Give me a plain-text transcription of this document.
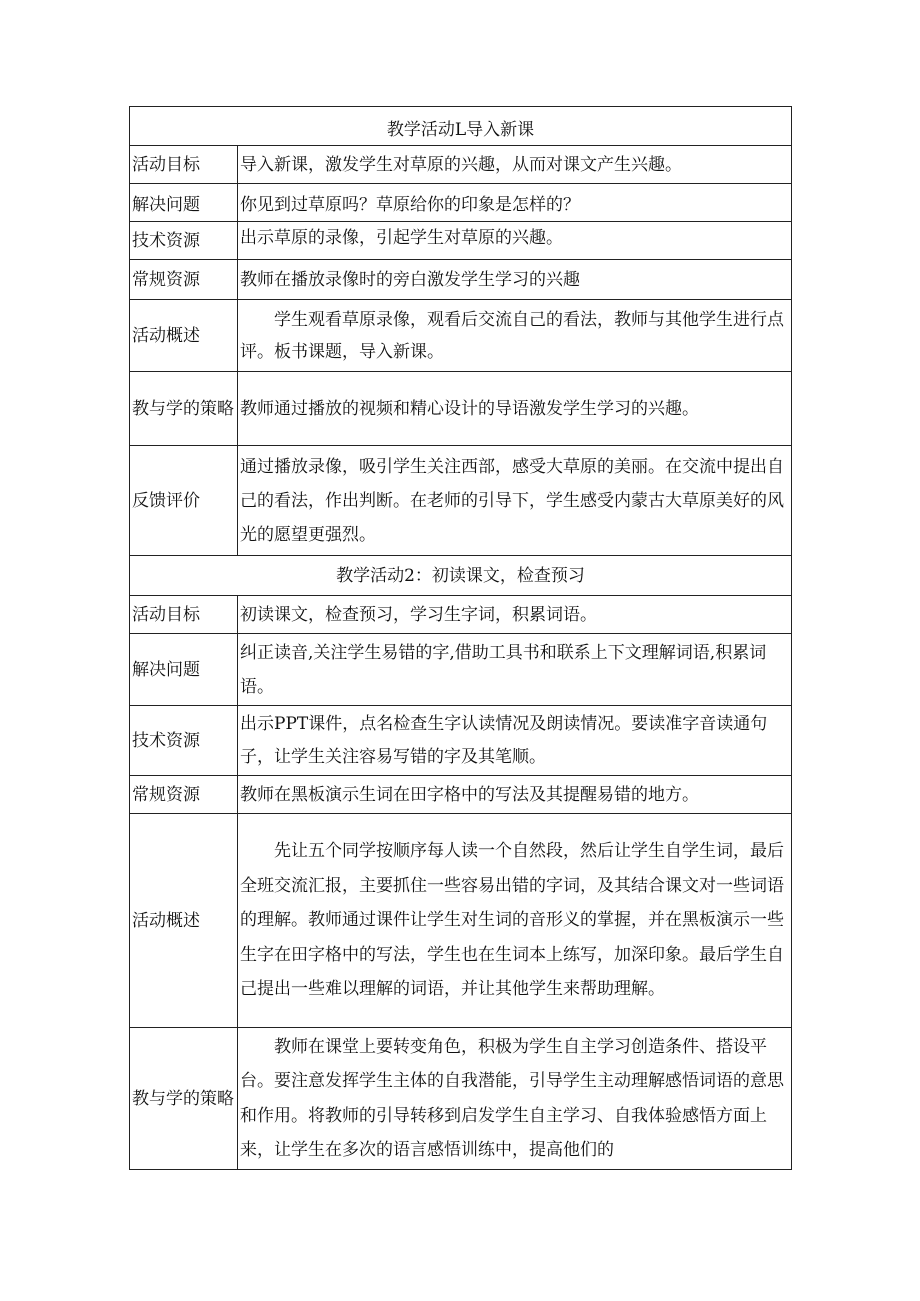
教学活动L导入新课	
活动目标	导入新课，激发学生对草原的兴趣，从而对课文产生兴趣。
解决问题	你见到过草原吗？草原给你的印象是怎样的？
技术资源	出示草原的录像，引起学生对草原的兴趣。
常规资源	教师在播放录像时的旁白激发学生学习的兴趣
活动概述	学生观看草原录像，观看后交流自己的看法，教师与其他学生进行点评。板书课题，导入新课。
教与学的策略	教师通过播放的视频和精心设计的导语激发学生学习的兴趣。
反馈评价	通过播放录像，吸引学生关注西部，感受大草原的美丽。在交流中提出自己的看法，作出判断。在老师的引导下，学生感受内蒙古大草原美好的风光的愿望更强烈。
教学活动2：初读课文，检查预习	
活动目标	初读课文，检查预习，学习生字词，积累词语。
解决问题	纠正读音,关注学生易错的字,借助工具书和联系上下文理解词语,积累词语。
技术资源	出示PPT课件，点名检查生字认读情况及朗读情况。要读准字音读通句子，让学生关注容易写错的字及其笔顺。
常规资源	教师在黑板演示生词在田字格中的写法及其提醒易错的地方。
活动概述	先让五个同学按顺序每人读一个自然段，然后让学生自学生词，最后全班交流汇报，主要抓住一些容易出错的字词，及其结合课文对一些词语的理解。教师通过课件让学生对生词的音形义的掌握，并在黑板演示一些生字在田字格中的写法，学生也在生词本上练写，加深印象。最后学生自己提出一些难以理解的词语，并让其他学生来帮助理解。
教与学的策略	教师在课堂上要转变角色，积极为学生自主学习创造条件、搭设平台。要注意发挥学生主体的自我潜能，引导学生主动理解感悟词语的意思和作用。将教师的引导转移到启发学生自主学习、自我体验感悟方面上来，让学生在多次的语言感悟训练中，提高他们的
